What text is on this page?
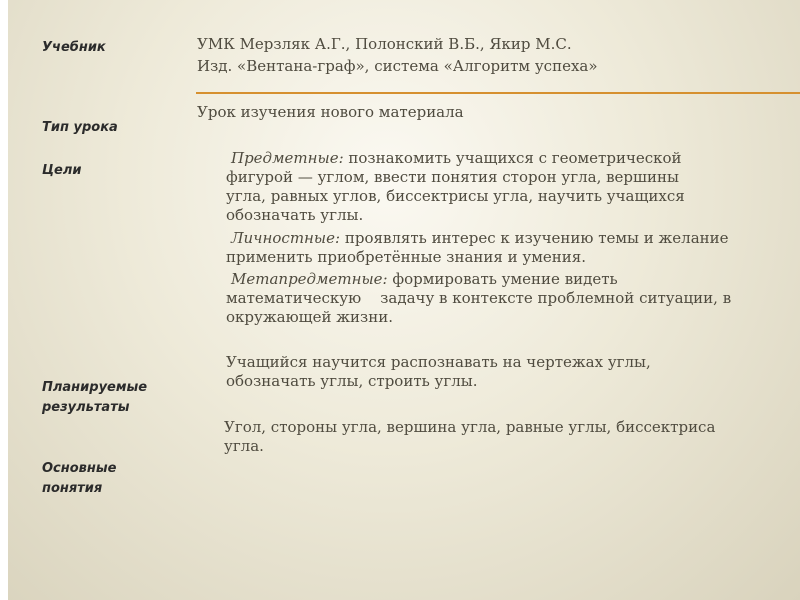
Учебник
Тип урока
Цели
Планируемые
результаты
Основные
понятия
УМК Мерзляк А.Г., Полонский В.Б., Якир М.С.
Изд. «Вентана-граф», система «Алгоритм успеха»
Урок изучения нового материала
Предметные: познакомить учащихся с геометрической
фигурой — углом, ввести понятия сторон угла, вершины
угла, равных углов, биссектрисы угла, научить учащихся
обозначать углы.
Личностные: проявлять интерес к изучению темы и желание
применить приобретённые знания и умения.
Метапредметные: формировать умение видеть
математическую    задачу в контексте проблемной ситуации, в
окружающей жизни.
Учащийся научится распознавать на чертежах углы,
обозначать углы, строить углы.
Угол, стороны угла, вершина угла, равные углы, биссектриса
угла.
